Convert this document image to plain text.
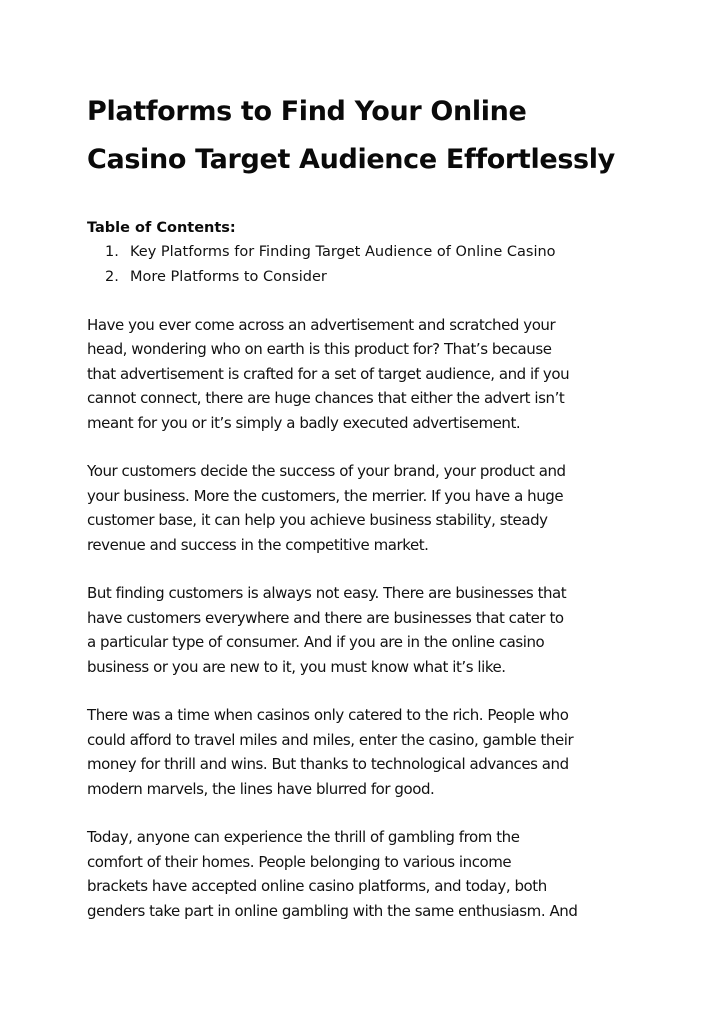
Platforms to Find Your Online
Casino Target Audience Effortlessly
Table of Contents:
1. Key Platforms for Finding Target Audience of Online Casino
2. More Platforms to Consider

Have you ever come across an advertisement and scratched your
head, wondering who on earth is this product for? That’s because
that advertisement is crafted for a set of target audience, and if you
cannot connect, there are huge chances that either the advert isn’t
meant for you or it’s simply a badly executed advertisement.

Your customers decide the success of your brand, your product and
your business. More the customers, the merrier. If you have a huge
customer base, it can help you achieve business stability, steady
revenue and success in the competitive market.

But finding customers is always not easy. There are businesses that
have customers everywhere and there are businesses that cater to
a particular type of consumer. And if you are in the online casino
business or you are new to it, you must know what it’s like.

There was a time when casinos only catered to the rich. People who
could afford to travel miles and miles, enter the casino, gamble their
money for thrill and wins. But thanks to technological advances and
modern marvels, the lines have blurred for good.

Today, anyone can experience the thrill of gambling from the
comfort of their homes. People belonging to various income
brackets have accepted online casino platforms, and today, both
genders take part in online gambling with the same enthusiasm. And
